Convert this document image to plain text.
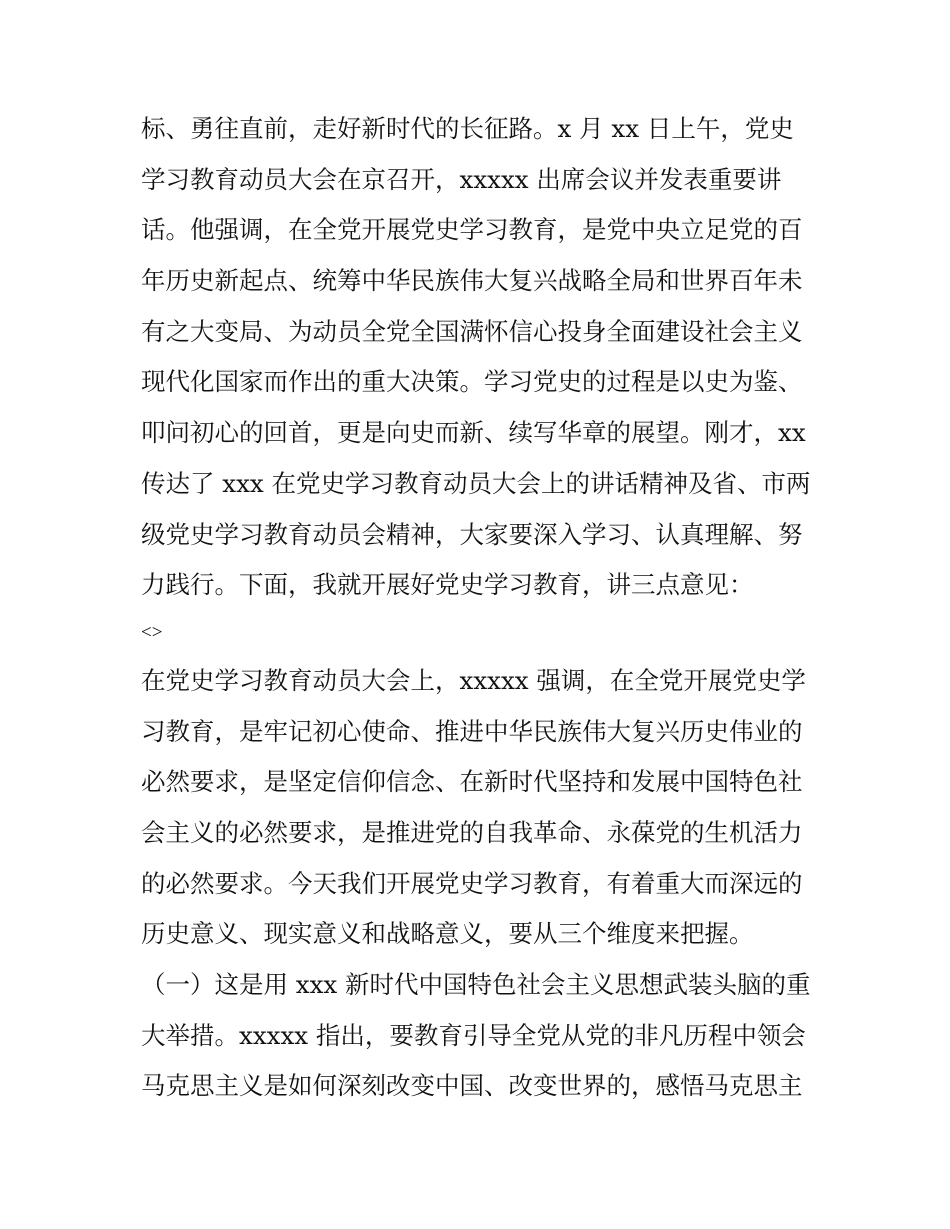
标、勇往直前，走好新时代的长征路。x 月 xx 日上午，党史
学习教育动员大会在京召开，xxxxx 出席会议并发表重要讲
话。他强调，在全党开展党史学习教育，是党中央立足党的百
年历史新起点、统筹中华民族伟大复兴战略全局和世界百年未
有之大变局、为动员全党全国满怀信心投身全面建设社会主义
现代化国家而作出的重大决策。学习党史的过程是以史为鉴、
叩问初心的回首，更是向史而新、续写华章的展望。刚才，xx
传达了 xxx 在党史学习教育动员大会上的讲话精神及省、市两
级党史学习教育动员会精神，大家要深入学习、认真理解、努
力践行。下面，我就开展好党史学习教育，讲三点意见：
<>
在党史学习教育动员大会上，xxxxx 强调，在全党开展党史学
习教育，是牢记初心使命、推进中华民族伟大复兴历史伟业的
必然要求，是坚定信仰信念、在新时代坚持和发展中国特色社
会主义的必然要求，是推进党的自我革命、永葆党的生机活力
的必然要求。今天我们开展党史学习教育，有着重大而深远的
历史意义、现实意义和战略意义，要从三个维度来把握。
（一）这是用 xxx 新时代中国特色社会主义思想武装头脑的重
大举措。xxxxx 指出，要教育引导全党从党的非凡历程中领会
马克思主义是如何深刻改变中国、改变世界的，感悟马克思主
